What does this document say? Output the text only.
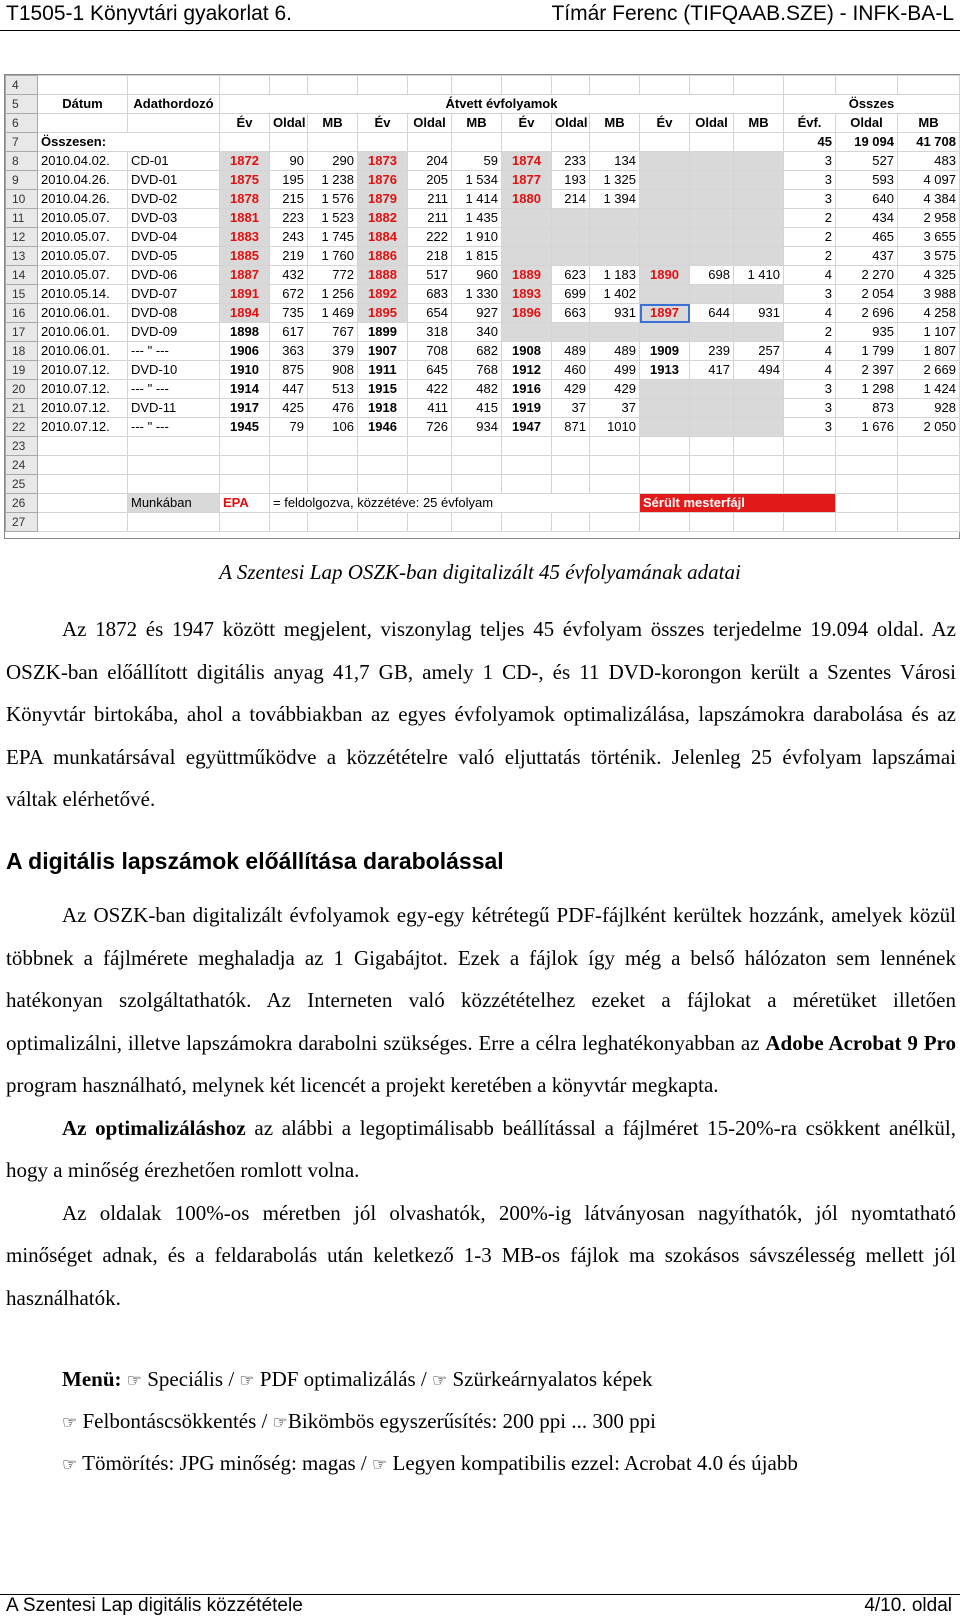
T1505-1 Könyvtári gyakorlat 6.	Tímár Ferenc (TIFQAAB.SZE) - INFK-BA-L
4																	
5	Dátum	Adathordozó	Átvett évfolyamok												Összes		
6			Év	Oldal	MB	Év	Oldal	MB	Év	Oldal	MB	Év	Oldal	MB	Évf.	Oldal	MB
7	Összesen:														45	19 094	41 708
8	2010.04.02.	CD-01	1872	90	290	1873	204	59	1874	233	134				3	527	483
9	2010.04.26.	DVD-01	1875	195	1 238	1876	205	1 534	1877	193	1 325				3	593	4 097
10	2010.04.26.	DVD-02	1878	215	1 576	1879	211	1 414	1880	214	1 394				3	640	4 384
11	2010.05.07.	DVD-03	1881	223	1 523	1882	211	1 435							2	434	2 958
12	2010.05.07.	DVD-04	1883	243	1 745	1884	222	1 910							2	465	3 655
13	2010.05.07.	DVD-05	1885	219	1 760	1886	218	1 815							2	437	3 575
14	2010.05.07.	DVD-06	1887	432	772	1888	517	960	1889	623	1 183	1890	698	1 410	4	2 270	4 325
15	2010.05.14.	DVD-07	1891	672	1 256	1892	683	1 330	1893	699	1 402				3	2 054	3 988
16	2010.06.01.	DVD-08	1894	735	1 469	1895	654	927	1896	663	931	1897	644	931	4	2 696	4 258
17	2010.06.01.	DVD-09	1898	617	767	1899	318	340							2	935	1 107
18	2010.06.01.	--- " ---	1906	363	379	1907	708	682	1908	489	489	1909	239	257	4	1 799	1 807
19	2010.07.12.	DVD-10	1910	875	908	1911	645	768	1912	460	499	1913	417	494	4	2 397	2 669
20	2010.07.12.	--- " ---	1914	447	513	1915	422	482	1916	429	429				3	1 298	1 424
21	2010.07.12.	DVD-11	1917	425	476	1918	411	415	1919	37	37				3	873	928
22	2010.07.12.	--- " ---	1945	79	106	1946	726	934	1947	871	1010				3	1 676	2 050
23																	
24																	
25																	
26		Munkában	EPA	= feldolgozva, közzétéve: 25 évfolyam								Sérült mesterfájl					
27																	
A Szentesi Lap OSZK-ban digitalizált 45 évfolyamának adatai

Az 1872 és 1947 között megjelent, viszonylag teljes 45 évfolyam összes terjedelme 19.094 oldal. Az OSZK-ban előállított digitális anyag 41,7 GB, amely 1 CD-, és 11 DVD-korongon került a Szentes Városi Könyvtár birtokába, ahol a továbbiakban az egyes évfolyamok optimalizálása, lapszámokra darabolása és az EPA munkatársával együttműködve a közzétételre való eljuttatás történik. Jelenleg 25 évfolyam lapszámai váltak elérhetővé.

A digitális lapszámok előállítása darabolással

Az OSZK-ban digitalizált évfolyamok egy-egy kétrétegű PDF-fájlként kerültek hozzánk, amelyek közül többnek a fájlmérete meghaladja az 1 Gigabájtot. Ezek a fájlok így még a belső hálózaton sem lennének hatékonyan szolgáltathatók. Az Interneten való közzétételhez ezeket a fájlokat a méretüket illetően optimalizálni, illetve lapszámokra darabolni szükséges. Erre a célra leghatékonyabban az Adobe Acrobat 9 Pro program használható, melynek két licencét a projekt keretében a könyvtár megkapta.

Az optimalizáláshoz az alábbi a legoptimálisabb beállítással a fájlméret 15-20%-ra csökkent anélkül, hogy a minőség érezhetően romlott volna.

Az oldalak 100%-os méretben jól olvashatók, 200%-ig látványosan nagyíthatók, jól nyomtatható minőséget adnak, és a feldarabolás után keletkező 1-3 MB-os fájlok ma szokásos sávszélesség mellett jól használhatók.

Menü: ☞ Speciális / ☞ PDF optimalizálás / ☞ Szürkeárnyalatos képek
☞ Felbontáscsökkentés / ☞Bikömbös egyszerűsítés: 200 ppi ... 300 ppi
☞ Tömörítés: JPG minőség: magas / ☞ Legyen kompatibilis ezzel: Acrobat 4.0 és újabb
A Szentesi Lap digitális közzététele	4/10. oldal
